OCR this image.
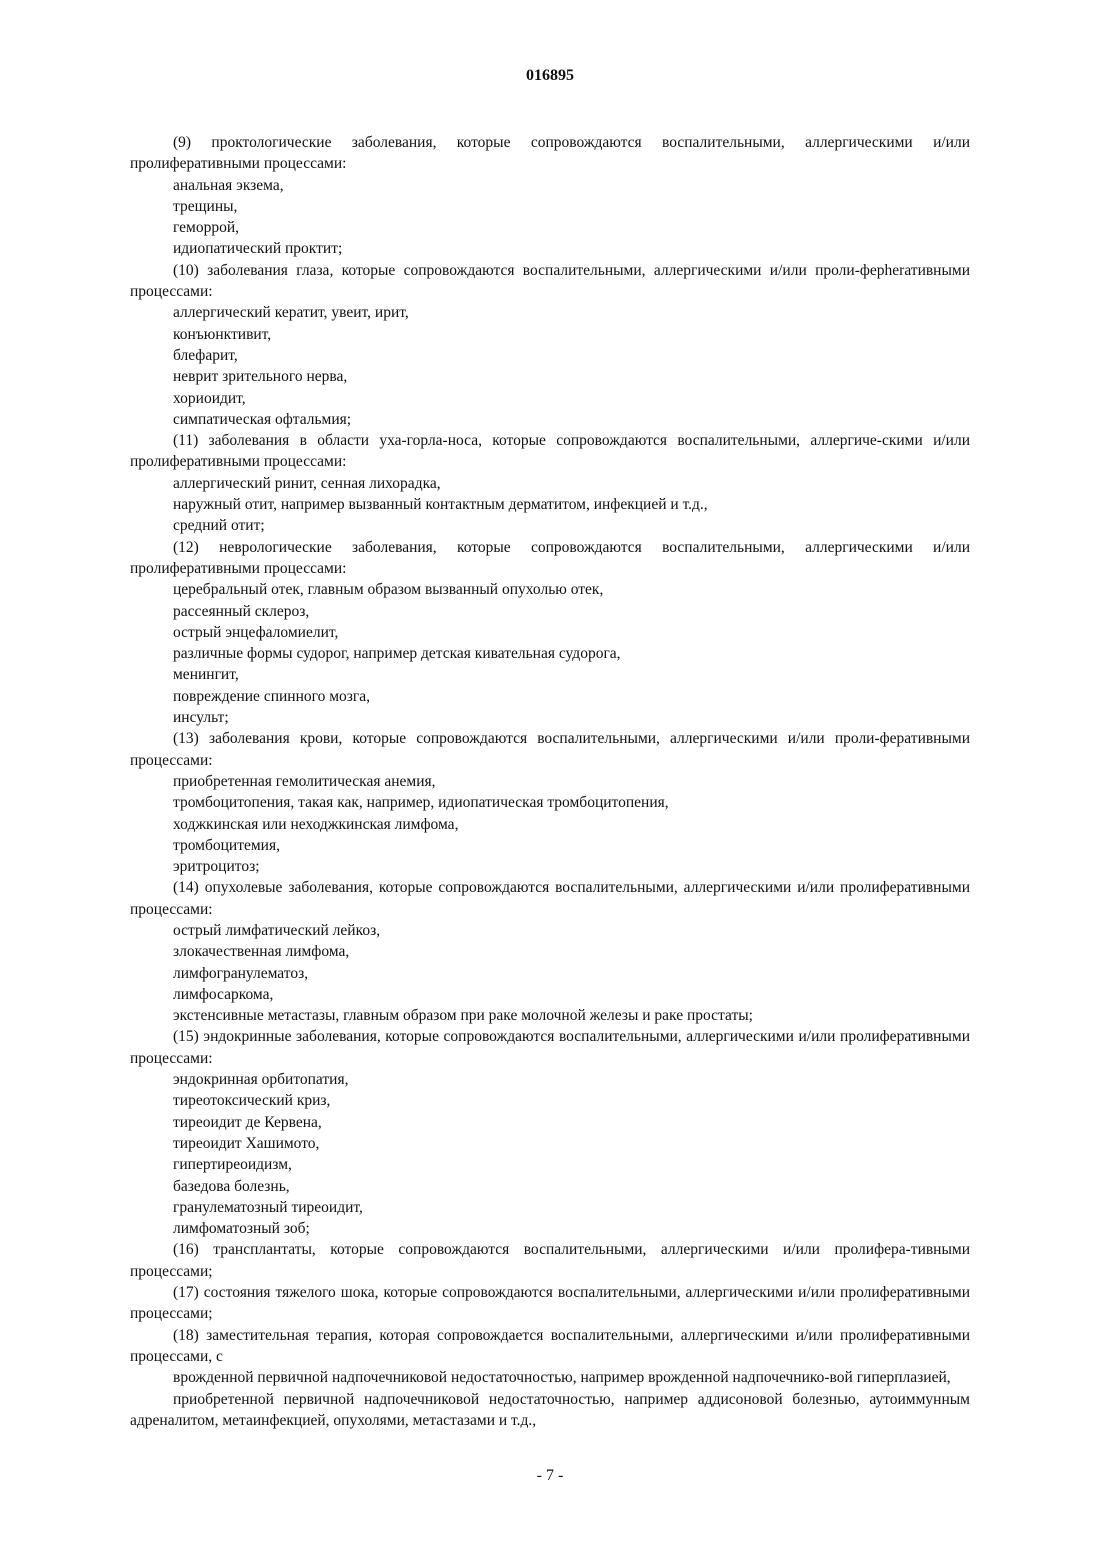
016895

(9) проктологические заболевания, которые сопровождаются воспалительными, аллергическими и/или пролиферативными процессами:

анальная экзема,

трещины,

геморрой,

идиопатический проктит;

(10) заболевания глаза, которые сопровождаются воспалительными, аллергическими и/или проли-ферherативными процессами:

аллергический кератит, увеит, ирит,

конъюнктивит,

блефарит,

неврит зрительного нерва,

хориоидит,

симпатическая офтальмия;

(11) заболевания в области уха-горла-носа, которые сопровождаются воспалительными, аллергиче-скими и/или пролиферативными процессами:

аллергический ринит, сенная лихорадка,

наружный отит, например вызванный контактным дерматитом, инфекцией и т.д.,

средний отит;

(12) неврологические заболевания, которые сопровождаются воспалительными, аллергическими и/или пролиферативными процессами:

церебральный отек, главным образом вызванный опухолью отек,

рассеянный склероз,

острый энцефаломиелит,

различные формы судорог, например детская кивательная судорога,

менингит,

повреждение спинного мозга,

инсульт;

(13) заболевания крови, которые сопровождаются воспалительными, аллергическими и/или проли-феративными процессами:

приобретенная гемолитическая анемия,

тромбоцитопения, такая как, например, идиопатическая тромбоцитопения,

ходжкинская или неходжкинская лимфома,

тромбоцитемия,

эритроцитоз;

(14) опухолевые заболевания, которые сопровождаются воспалительными, аллергическими и/или пролиферативными процессами:

острый лимфатический лейкоз,

злокачественная лимфома,

лимфогранулематоз,

лимфосаркома,

экстенсивные метастазы, главным образом при раке молочной железы и раке простаты;

(15) эндокринные заболевания, которые сопровождаются воспалительными, аллергическими и/или пролиферативными процессами:

эндокринная орбитопатия,

тиреотоксический криз,

тиреоидит де Кервена,

тиреоидит Хашимото,

гипертиреоидизм,

базедова болезнь,

гранулематозный тиреоидит,

лимфоматозный зоб;

(16) трансплантаты, которые сопровождаются воспалительными, аллергическими и/или пролифера-тивными процессами;

(17) состояния тяжелого шока, которые сопровождаются воспалительными, аллергическими и/или пролиферативными процессами;

(18) заместительная терапия, которая сопровождается воспалительными, аллергическими и/или пролиферативными процессами, с

врожденной первичной надпочечниковой недостаточностью, например врожденной надпочечнико-вой гиперплазией,

приобретенной первичной надпочечниковой недостаточностью, например аддисоновой болезнью, аутоиммунным адреналитом, метаинфекцией, опухолями, метастазами и т.д.,

- 7 -
